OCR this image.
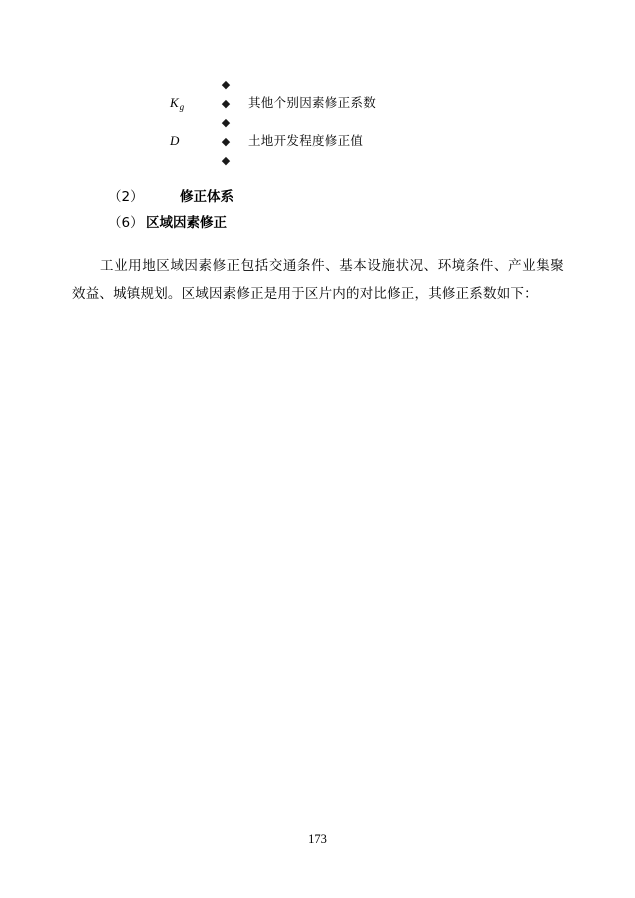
◆
$K_g$	◆	其他个别因素修正系数
◆
D	◆	土地开发程度修正值
◆
（2）	修正体系
（6） 区域因素修正

工业用地区域因素修正包括交通条件、基本设施状况、环境条件、产业集聚效益、城镇规划。区域因素修正是用于区片内的对比修正，其修正系数如下：

173
